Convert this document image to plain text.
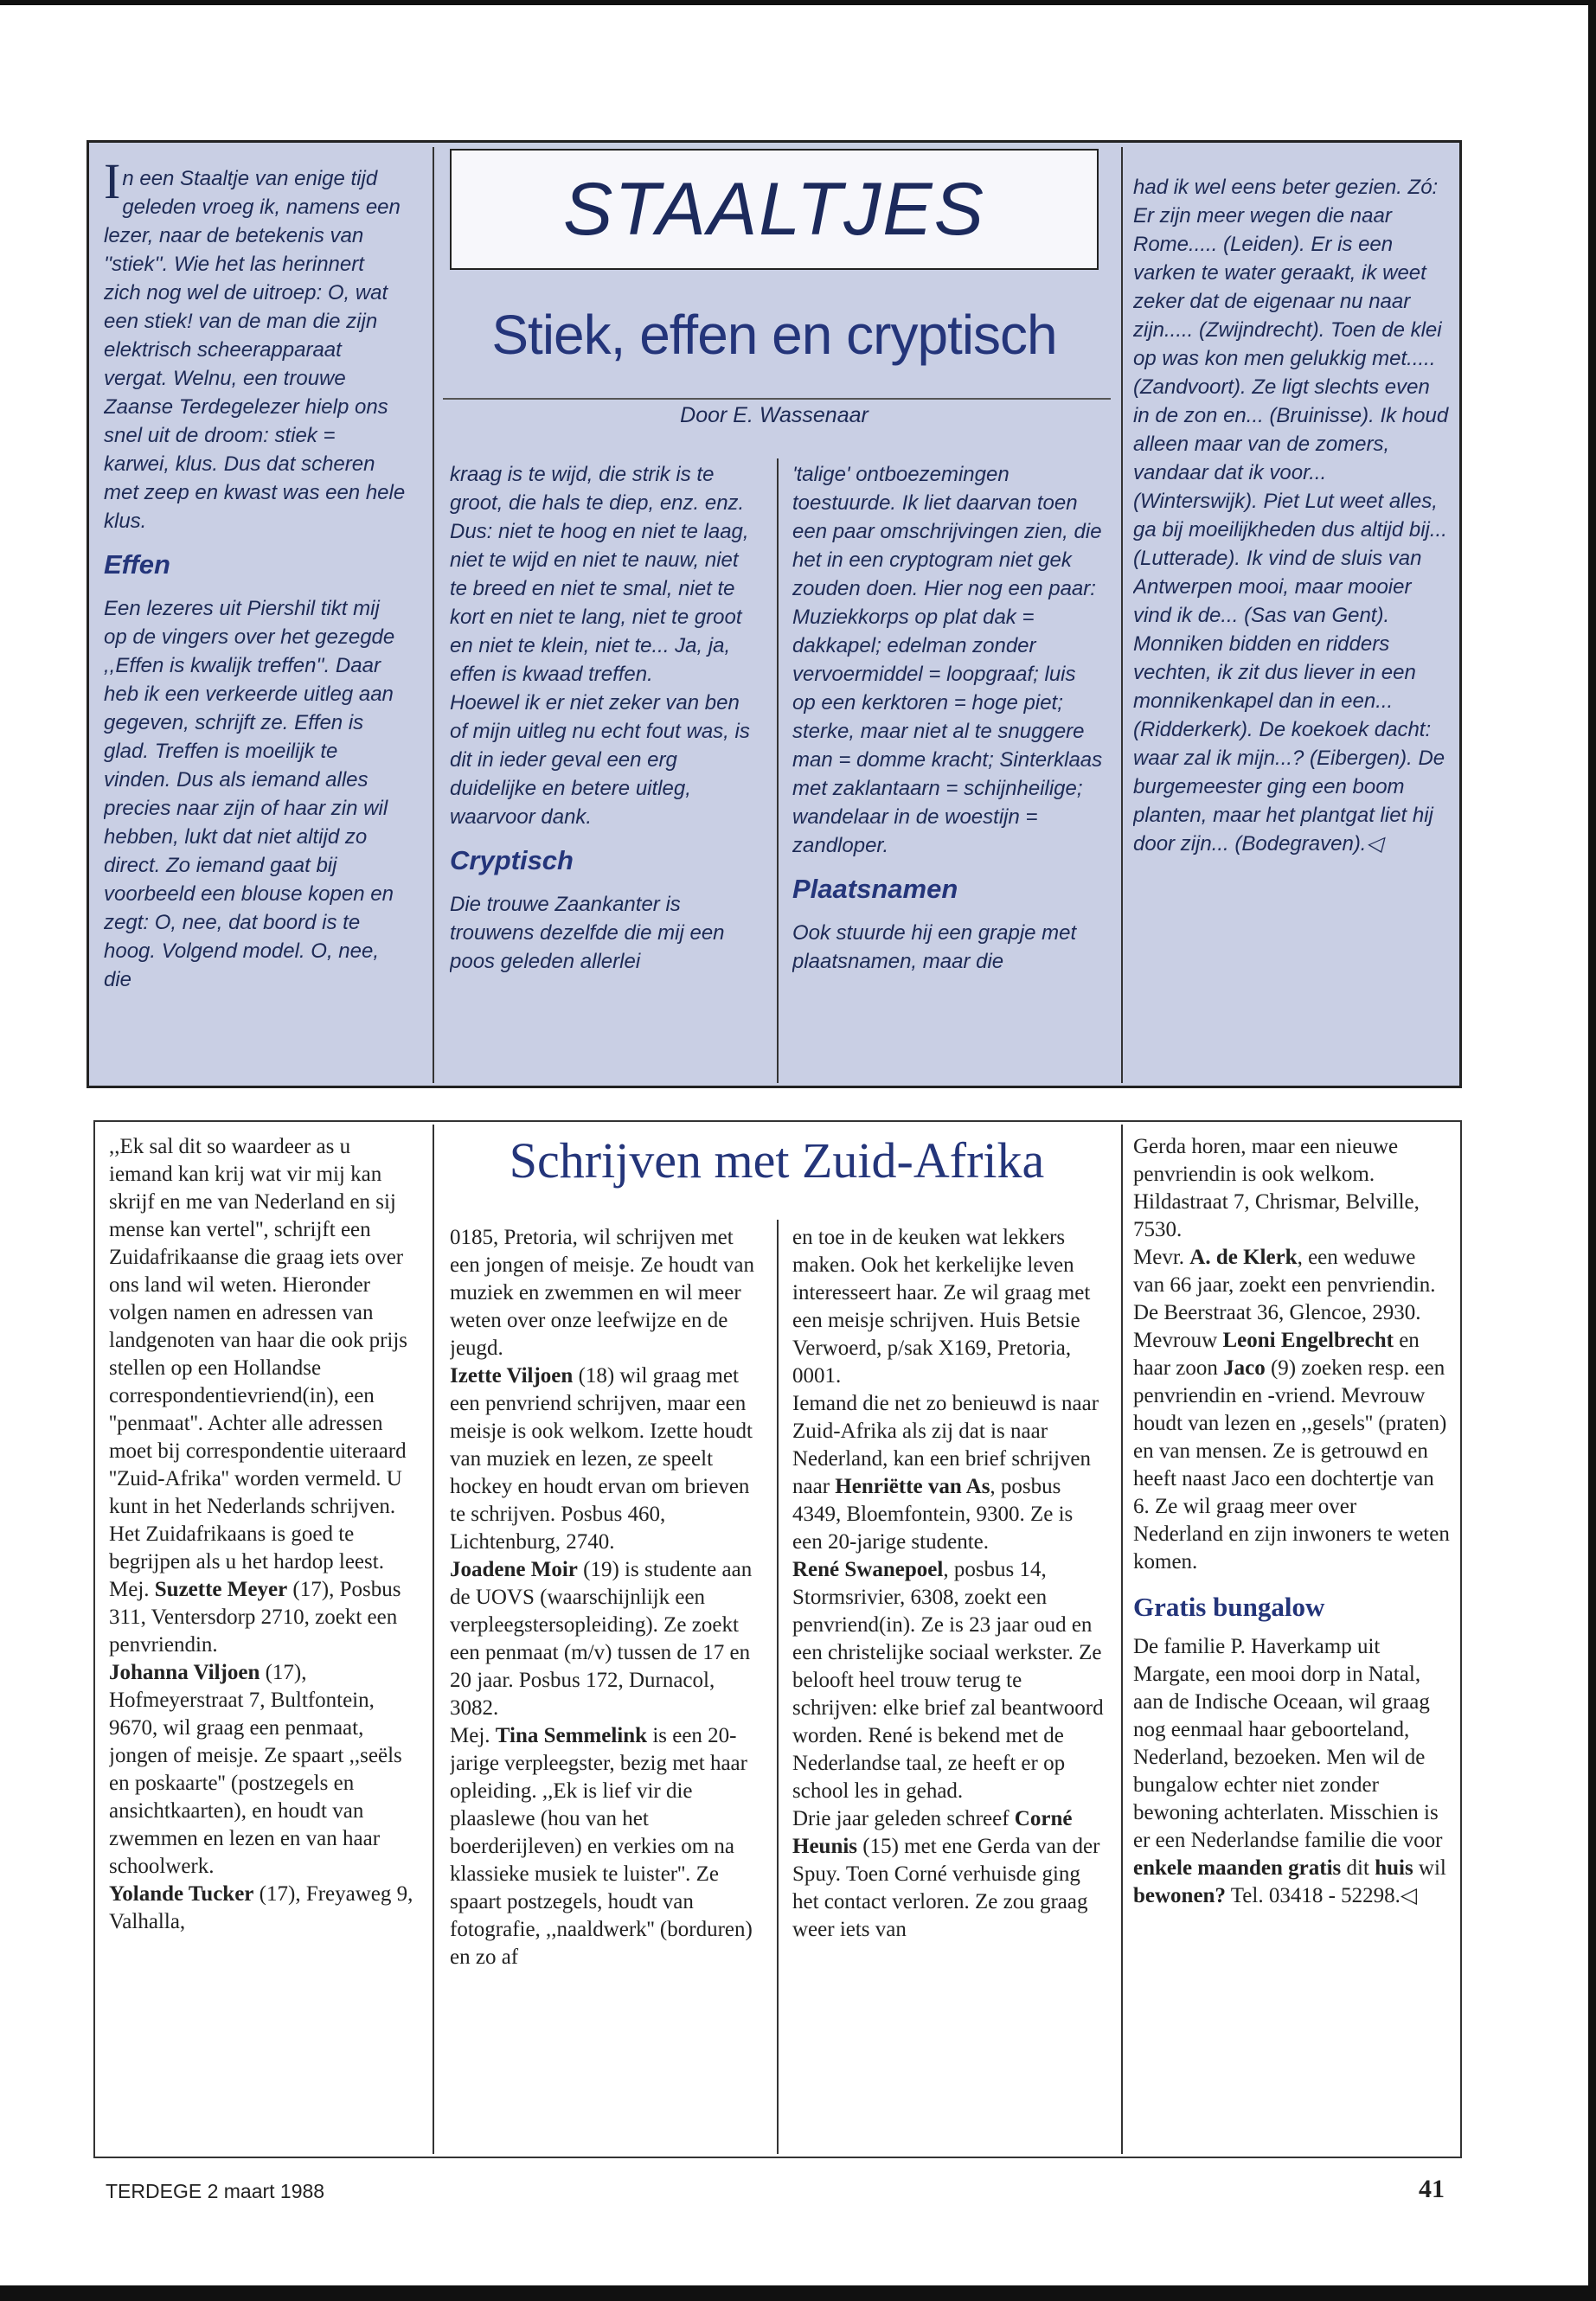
STAALTJES
Stiek, effen en cryptisch
Door E. Wassenaar

In een Staaltje van enige tijd geleden vroeg ik, namens een lezer, naar de betekenis van ''stiek''. Wie het las herinnert zich nog wel de uitroep: O, wat een stiek! van de man die zijn elektrisch scheerapparaat vergat. Welnu, een trouwe Zaanse Terdegelezer hielp ons snel uit de droom: stiek = karwei, klus. Dus dat scheren met zeep en kwast was een hele klus.

Effen

Een lezeres uit Piershil tikt mij op de vingers over het gezegde ,,Effen is kwalijk treffen''. Daar heb ik een verkeerde uitleg aan gegeven, schrijft ze. Effen is glad. Treffen is moeilijk te vinden. Dus als iemand alles precies naar zijn of haar zin wil hebben, lukt dat niet altijd zo direct. Zo iemand gaat bij voorbeeld een blouse kopen en zegt: O, nee, dat boord is te hoog. Volgend model. O, nee, die

kraag is te wijd, die strik is te groot, die hals te diep, enz. enz. Dus: niet te hoog en niet te laag, niet te wijd en niet te nauw, niet te breed en niet te smal, niet te kort en niet te lang, niet te groot en niet te klein, niet te... Ja, ja, effen is kwaad treffen.

Hoewel ik er niet zeker van ben of mijn uitleg nu echt fout was, is dit in ieder geval een erg duidelijke en betere uitleg, waarvoor dank.

Cryptisch

Die trouwe Zaankanter is trouwens dezelfde die mij een poos geleden allerlei

'talige' ontboezemingen toestuurde. Ik liet daarvan toen een paar omschrijvingen zien, die het in een cryptogram niet gek zouden doen. Hier nog een paar:

Muziekkorps op plat dak = dakkapel; edelman zonder vervoermiddel = loopgraaf; luis op een kerktoren = hoge piet; sterke, maar niet al te snuggere man = domme kracht; Sinterklaas met zaklantaarn = schijnheilige; wandelaar in de woestijn = zandloper.

Plaatsnamen

Ook stuurde hij een grapje met plaatsnamen, maar die

had ik wel eens beter gezien. Zó:

Er zijn meer wegen die naar Rome..... (Leiden). Er is een varken te water geraakt, ik weet zeker dat de eigenaar nu naar zijn..... (Zwijndrecht). Toen de klei op was kon men gelukkig met..... (Zandvoort). Ze ligt slechts even in de zon en... (Bruinisse). Ik houd alleen maar van de zomers, vandaar dat ik voor... (Winterswijk). Piet Lut weet alles, ga bij moeilijkheden dus altijd bij... (Lutterade). Ik vind de sluis van Antwerpen mooi, maar mooier vind ik de... (Sas van Gent). Monniken bidden en ridders vechten, ik zit dus liever in een monnikenkapel dan in een... (Ridderkerk). De koekoek dacht: waar zal ik mijn...? (Eibergen). De burgemeester ging een boom planten, maar het plantgat liet hij door zijn... (Bodegraven).◁

Schrijven met Zuid-Afrika

,,Ek sal dit so waardeer as u iemand kan krij wat vir mij kan skrijf en me van Nederland en sij mense kan vertel'', schrijft een Zuidafrikaanse die graag iets over ons land wil weten. Hieronder volgen namen en adressen van landgenoten van haar die ook prijs stellen op een Hollandse correspondentievriend(in), een ''penmaat''. Achter alle adressen moet bij correspondentie uiteraard ''Zuid-Afrika'' worden vermeld. U kunt in het Nederlands schrijven. Het Zuidafrikaans is goed te begrijpen als u het hardop leest.

Mej. Suzette Meyer (17), Posbus 311, Ventersdorp 2710, zoekt een penvriendin.

Johanna Viljoen (17), Hofmeyerstraat 7, Bultfontein, 9670, wil graag een penmaat, jongen of meisje. Ze spaart ,,seëls en poskaarte'' (postzegels en ansichtkaarten), en houdt van zwemmen en lezen en van haar schoolwerk.

Yolande Tucker (17), Freyaweg 9, Valhalla,

0185, Pretoria, wil schrijven met een jongen of meisje. Ze houdt van muziek en zwemmen en wil meer weten over onze leefwijze en de jeugd.

Izette Viljoen (18) wil graag met een penvriend schrijven, maar een meisje is ook welkom. Izette houdt van muziek en lezen, ze speelt hockey en houdt ervan om brieven te schrijven. Posbus 460, Lichtenburg, 2740.

Joadene Moir (19) is studente aan de UOVS (waarschijnlijk een verpleegstersopleiding). Ze zoekt een penmaat (m/v) tussen de 17 en 20 jaar. Posbus 172, Durnacol, 3082.

Mej. Tina Semmelink is een 20-jarige verpleegster, bezig met haar opleiding. ,,Ek is lief vir die plaaslewe (hou van het boerderijleven) en verkies om na klassieke musiek te luister''. Ze spaart postzegels, houdt van fotografie, ,,naaldwerk'' (borduren) en zo af

en toe in de keuken wat lekkers maken. Ook het kerkelijke leven interesseert haar. Ze wil graag met een meisje schrijven. Huis Betsie Verwoerd, p/sak X169, Pretoria, 0001.

Iemand die net zo benieuwd is naar Zuid-Afrika als zij dat is naar Nederland, kan een brief schrijven naar Henriëtte van As, posbus 4349, Bloemfontein, 9300. Ze is een 20-jarige studente.

René Swanepoel, posbus 14, Stormsrivier, 6308, zoekt een penvriend(in). Ze is 23 jaar oud en een christelijke sociaal werkster. Ze belooft heel trouw terug te schrijven: elke brief zal beantwoord worden. René is bekend met de Nederlandse taal, ze heeft er op school les in gehad.

Drie jaar geleden schreef Corné Heunis (15) met ene Gerda van der Spuy. Toen Corné verhuisde ging het contact verloren. Ze zou graag weer iets van

Gerda horen, maar een nieuwe penvriendin is ook welkom. Hildastraat 7, Chrismar, Belville, 7530.

Mevr. A. de Klerk, een weduwe van 66 jaar, zoekt een penvriendin. De Beerstraat 36, Glencoe, 2930.

Mevrouw Leoni Engelbrecht en haar zoon Jaco (9) zoeken resp. een penvriendin en -vriend. Mevrouw houdt van lezen en ,,gesels'' (praten) en van mensen. Ze is getrouwd en heeft naast Jaco een dochtertje van 6. Ze wil graag meer over Nederland en zijn inwoners te weten komen.

Gratis bungalow

De familie P. Haverkamp uit Margate, een mooi dorp in Natal, aan de Indische Oceaan, wil graag nog eenmaal haar geboorteland, Nederland, bezoeken. Men wil de bungalow echter niet zonder bewoning achterlaten. Misschien is er een Nederlandse familie die voor enkele maanden gratis dit huis wil bewonen? Tel. 03418 - 52298.◁

TERDEGE 2 maart 1988	41
